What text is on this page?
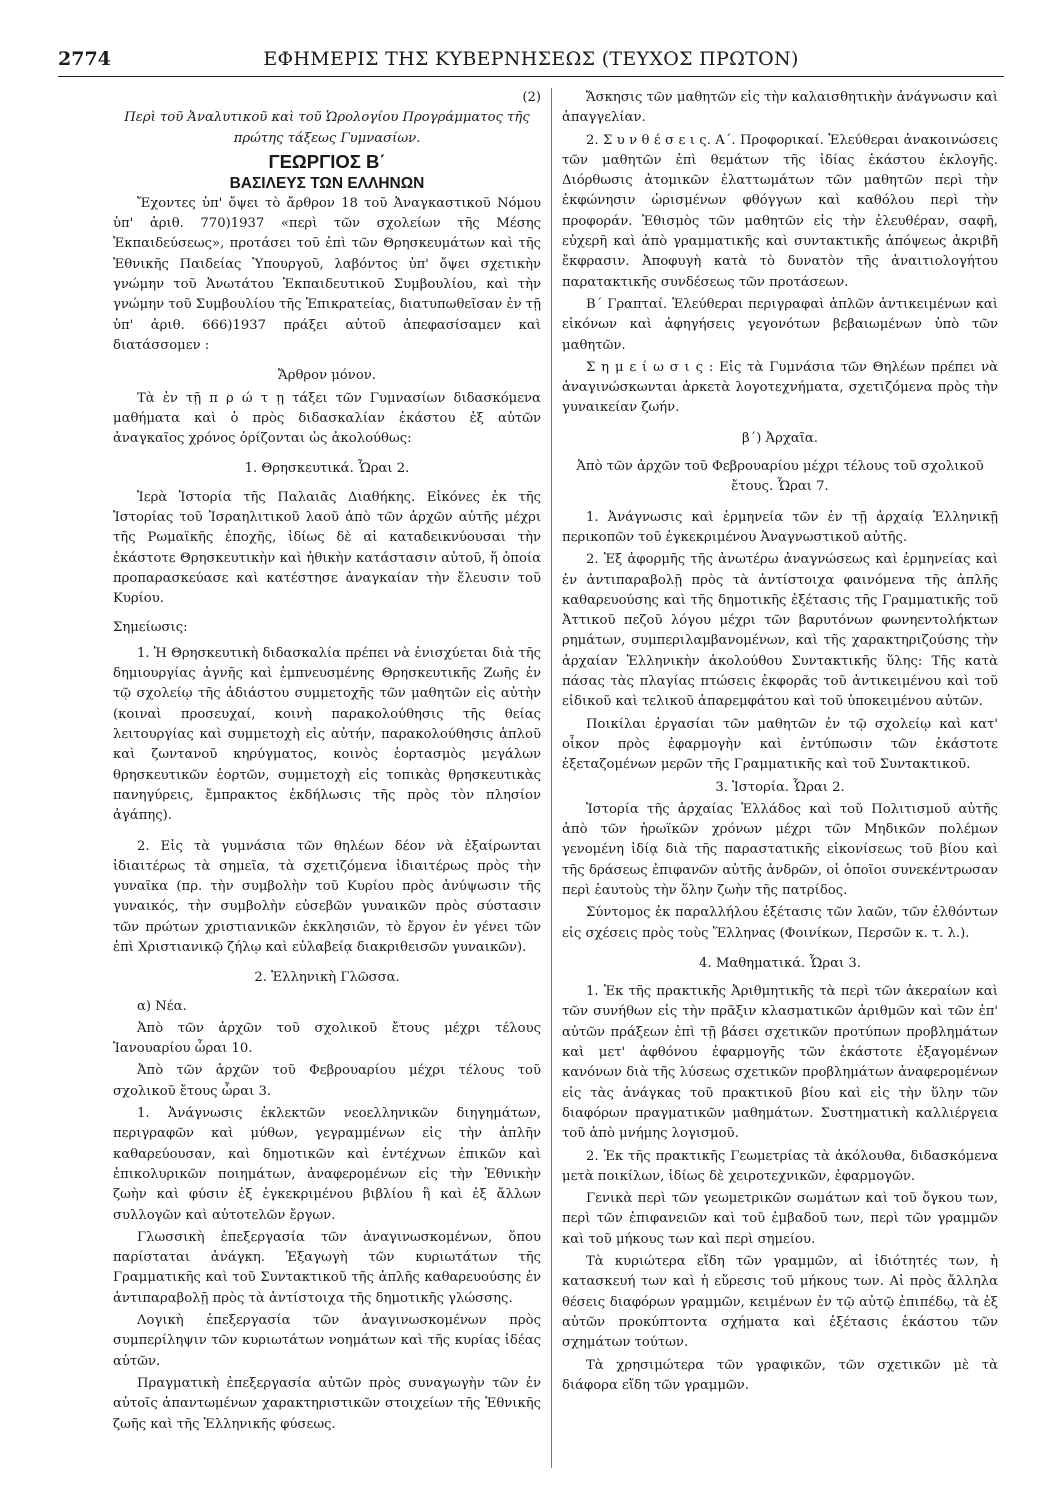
2774	ΕΦΗΜΕΡΙΣ ΤΗΣ ΚΥΒΕΡΝΗΣΕΩΣ (ΤΕΥΧΟΣ ΠΡΩΤΟΝ)

(2)

Περὶ τοῦ Ἀναλυτικοῦ καὶ τοῦ Ὡρολογίου Προγράμματος τῆς πρώτης τάξεως Γυμνασίων.

ΓΕΩΡΓΙΟΣ Β΄

ΒΑΣΙΛΕΥΣ ΤΩΝ ΕΛΛΗΝΩΝ

Ἔχοντες ὑπ' ὄψει τὸ ἄρθρον 18 τοῦ Ἀναγκαστικοῦ Νόμου ὑπ' ἀριθ. 770)1937 «περὶ τῶν σχολείων τῆς Μέσης Ἐκπαιδεύσεως», προτάσει τοῦ ἐπὶ τῶν Θρησκευμάτων καὶ τῆς Ἐθνικῆς Παιδείας Ὑπουργοῦ, λαβόντος ὑπ' ὄψει σχετικὴν γνώμην τοῦ Ἀνωτάτου Ἐκπαιδευτικοῦ Συμβουλίου, καὶ τὴν γνώμην τοῦ Συμβουλίου τῆς Ἐπικρατείας, διατυπωθεῖσαν ἐν τῇ ὑπ' ἀριθ. 666)1937 πράξει αὐτοῦ ἀπεφασίσαμεν καὶ διατάσσομεν :

Ἄρθρον μόνον.

Τὰ ἐν τῇ π ρ ώ τ ῃ τάξει τῶν Γυμνασίων διδασκόμενα μαθήματα καὶ ὁ πρὸς διδασκαλίαν ἑκάστου ἐξ αὐτῶν ἀναγκαῖος χρόνος ὁρίζονται ὡς ἀκολούθως:

1. Θρησκευτικά. Ὧραι 2.

Ἱερὰ Ἱστορία τῆς Παλαιᾶς Διαθήκης. Εἰκόνες ἐκ τῆς Ἱστορίας τοῦ Ἰσραηλιτικοῦ λαοῦ ἀπὸ τῶν ἀρχῶν αὐτῆς μέχρι τῆς Ρωμαϊκῆς ἐποχῆς, ἰδίως δὲ αἱ καταδεικνύουσαι τὴν ἑκάστοτε Θρησκευτικὴν καὶ ἠθικὴν κατάστασιν αὐτοῦ, ἥ ὁποία προπαρασκεύασε καὶ κατέστησε ἀναγκαίαν τὴν ἔλευσιν τοῦ Κυρίου.

Σημείωσις:

1. Ἡ Θρησκευτικὴ διδασκαλία πρέπει νὰ ἐνισχύεται διὰ τῆς δημιουργίας ἁγνῆς καὶ ἐμπνευσμένης Θρησκευτικῆς Ζωῆς ἐν τῷ σχολείῳ τῆς ἀδιάστου συμμετοχῆς τῶν μαθητῶν εἰς αὐτὴν (κοιναὶ προσευχαί, κοινὴ παρακολούθησις τῆς θείας λειτουργίας καὶ συμμετοχὴ εἰς αὐτήν, παρακολούθησις ἁπλοῦ καὶ ζωντανοῦ κηρύγματος, κοινὸς ἑορτασμὸς μεγάλων θρησκευτικῶν ἑορτῶν, συμμετοχὴ εἰς τοπικὰς θρησκευτικὰς πανηγύρεις, ἔμπρακτος ἐκδήλωσις τῆς πρὸς τὸν πλησίον ἀγάπης).

2. Εἰς τὰ γυμνάσια τῶν θηλέων δέον νὰ ἐξαίρωνται ἰδιαιτέρως τὰ σημεῖα, τὰ σχετιζόμενα ἰδιαιτέρως πρὸς τὴν γυναῖκα (πρ. τὴν συμβολὴν τοῦ Κυρίου πρὸς ἀνύψωσιν τῆς γυναικός, τὴν συμβολὴν εὐσεβῶν γυναικῶν πρὸς σύστασιν τῶν πρώτων χριστιανικῶν ἐκκλησιῶν, τὸ ἔργον ἐν γένει τῶν ἐπὶ Χριστιανικῷ ζήλῳ καὶ εὐλαβείᾳ διακριθεισῶν γυναικῶν).

2. Ἑλληνικὴ Γλῶσσα.

α) Νέα.

Ἀπὸ τῶν ἀρχῶν τοῦ σχολικοῦ ἔτους μέχρι τέλους Ἰανουαρίου ὧραι 10.

Ἀπὸ τῶν ἀρχῶν τοῦ Φεβρουαρίου μέχρι τέλους τοῦ σχολικοῦ ἔτους ὧραι 3.

1. Ἀνάγνωσις ἐκλεκτῶν νεοελληνικῶν διηγημάτων, περιγραφῶν καὶ μύθων, γεγραμμένων εἰς τὴν ἁπλῆν καθαρεύουσαν, καὶ δημοτικῶν καὶ ἐντέχνων ἐπικῶν καὶ ἐπικολυρικῶν ποιημάτων, ἀναφερομένων εἰς τὴν Ἐθνικὴν ζωὴν καὶ φύσιν ἐξ ἐγκεκριμένου βιβλίου ἢ καὶ ἐξ ἄλλων συλλογῶν καὶ αὐτοτελῶν ἔργων.

Γλωσσικὴ ἐπεξεργασία τῶν ἀναγινωσκομένων, ὅπου παρίσταται ἀνάγκη. Ἐξαγωγὴ τῶν κυριωτάτων τῆς Γραμματικῆς καὶ τοῦ Συντακτικοῦ τῆς ἁπλῆς καθαρευούσης ἐν ἀντιπαραβολῇ πρὸς τὰ ἀντίστοιχα τῆς δημοτικῆς γλώσσης.

Λογικὴ ἐπεξεργασία τῶν ἀναγινωσκομένων πρὸς συμπερίληψιν τῶν κυριωτάτων νοημάτων καὶ τῆς κυρίας ἰδέας αὐτῶν.

Πραγματικὴ ἐπεξεργασία αὐτῶν πρὸς συναγωγὴν τῶν ἐν αὐτοῖς ἀπαντωμένων χαρακτηριστικῶν στοιχείων τῆς Ἐθνικῆς ζωῆς καὶ τῆς Ἑλληνικῆς φύσεως.

Ἄσκησις τῶν μαθητῶν εἰς τὴν καλαισθητικὴν ἀνάγνωσιν καὶ ἀπαγγελίαν.

2. Σ υ ν θ έ σ ε ι ς. Α΄. Προφορικαί. Ἐλεύθεραι ἀνακοινώσεις τῶν μαθητῶν ἐπὶ θεμάτων τῆς ἰδίας ἑκάστου ἐκλογῆς. Διόρθωσις ἀτομικῶν ἐλαττωμάτων τῶν μαθητῶν περὶ τὴν ἐκφώνησιν ὡρισμένων φθόγγων καὶ καθόλου περὶ τὴν προφοράν. Ἐθισμὸς τῶν μαθητῶν εἰς τὴν ἐλευθέραν, σαφῆ, εὐχερῆ καὶ ἀπὸ γραμματικῆς καὶ συντακτικῆς ἀπόψεως ἀκριβῆ ἔκφρασιν. Ἀποφυγὴ κατὰ τὸ δυνατὸν τῆς ἀναιτιολογήτου παρατακτικῆς συνδέσεως τῶν προτάσεων.

Β΄ Γραπταί. Ἐλεύθεραι περιγραφαὶ ἁπλῶν ἀντικειμένων καὶ εἰκόνων καὶ ἀφηγήσεις γεγονότων βεβαιωμένων ὑπὸ τῶν μαθητῶν.

Σ η μ ε ί ω σ ι ς : Εἰς τὰ Γυμνάσια τῶν Θηλέων πρέπει νὰ ἀναγινώσκωνται ἀρκετὰ λογοτεχνήματα, σχετιζόμενα πρὸς τὴν γυναικείαν ζωήν.

β΄) Ἀρχαῖα.

Ἀπὸ τῶν ἀρχῶν τοῦ Φεβρουαρίου μέχρι τέλους τοῦ σχολικοῦ ἔτους. Ὧραι 7.

1. Ἀνάγνωσις καὶ ἑρμηνεία τῶν ἐν τῇ ἀρχαίᾳ Ἑλληνικῇ περικοπῶν τοῦ ἐγκεκριμένου Ἀναγνωστικοῦ αὐτῆς.

2. Ἐξ ἀφορμῆς τῆς ἀνωτέρω ἀναγνώσεως καὶ ἑρμηνείας καὶ ἐν ἀντιπαραβολῇ πρὸς τὰ ἀντίστοιχα φαινόμενα τῆς ἁπλῆς καθαρευούσης καὶ τῆς δημοτικῆς ἐξέτασις τῆς Γραμματικῆς τοῦ Ἀττικοῦ πεζοῦ λόγου μέχρι τῶν βαρυτόνων φωνηεντολήκτων ρημάτων, συμπεριλαμβανομένων, καὶ τῆς χαρακτηριζούσης τὴν ἀρχαίαν Ἑλληνικὴν ἀκολούθου Συντακτικῆς ὕλης: Τῆς κατὰ πάσας τὰς πλαγίας πτώσεις ἐκφορᾶς τοῦ ἀντικειμένου καὶ τοῦ εἰδικοῦ καὶ τελικοῦ ἀπαρεμφάτου καὶ τοῦ ὑποκειμένου αὐτῶν.

Ποικίλαι ἐργασίαι τῶν μαθητῶν ἐν τῷ σχολείῳ καὶ κατ' οἶκον πρὸς ἐφαρμογὴν καὶ ἐντύπωσιν τῶν ἑκάστοτε ἐξεταζομένων μερῶν τῆς Γραμματικῆς καὶ τοῦ Συντακτικοῦ.

3. Ἱστορία. Ὧραι 2.

Ἱστορία τῆς ἀρχαίας Ἑλλάδος καὶ τοῦ Πολιτισμοῦ αὐτῆς ἀπὸ τῶν ἡρωϊκῶν χρόνων μέχρι τῶν Μηδικῶν πολέμων γενομένη ἰδίᾳ διὰ τῆς παραστατικῆς εἰκονίσεως τοῦ βίου καὶ τῆς δράσεως ἐπιφανῶν αὐτῆς ἀνδρῶν, οἱ ὁποῖοι συνεκέντρωσαν περὶ ἑαυτοὺς τὴν ὅλην ζωὴν τῆς πατρίδος.

Σύντομος ἐκ παραλλήλου ἐξέτασις τῶν λαῶν, τῶν ἐλθόντων εἰς σχέσεις πρὸς τοὺς Ἕλληνας (Φοινίκων, Περσῶν κ. τ. λ.).

4. Μαθηματικά. Ὧραι 3.

1. Ἐκ τῆς πρακτικῆς Ἀριθμητικῆς τὰ περὶ τῶν ἀκεραίων καὶ τῶν συνήθων εἰς τὴν πρᾶξιν κλασματικῶν ἀριθμῶν καὶ τῶν ἐπ' αὐτῶν πράξεων ἐπὶ τῇ βάσει σχετικῶν προτύπων προβλημάτων καὶ μετ' ἀφθόνου ἐφαρμογῆς τῶν ἑκάστοτε ἐξαγομένων κανόνων διὰ τῆς λύσεως σχετικῶν προβλημάτων ἀναφερομένων εἰς τὰς ἀνάγκας τοῦ πρακτικοῦ βίου καὶ εἰς τὴν ὕλην τῶν διαφόρων πραγματικῶν μαθημάτων. Συστηματικὴ καλλιέργεια τοῦ ἀπὸ μνήμης λογισμοῦ.

2. Ἐκ τῆς πρακτικῆς Γεωμετρίας τὰ ἀκόλουθα, διδασκόμενα μετὰ ποικίλων, ἰδίως δὲ χειροτεχνικῶν, ἐφαρμογῶν.

Γενικὰ περὶ τῶν γεωμετρικῶν σωμάτων καὶ τοῦ ὄγκου των, περὶ τῶν ἐπιφανειῶν καὶ τοῦ ἐμβαδοῦ των, περὶ τῶν γραμμῶν καὶ τοῦ μήκους των καὶ περὶ σημείου.

Τὰ κυριώτερα εἴδη τῶν γραμμῶν, αἱ ἰδιότητές των, ἡ κατασκευή των καὶ ἡ εὕρεσις τοῦ μήκους των. Αἱ πρὸς ἄλληλα θέσεις διαφόρων γραμμῶν, κειμένων ἐν τῷ αὐτῷ ἐπιπέδῳ, τὰ ἐξ αὐτῶν προκύπτοντα σχήματα καὶ ἐξέτασις ἑκάστου τῶν σχημάτων τούτων.

Τὰ χρησιμώτερα τῶν γραφικῶν, τῶν σχετικῶν μὲ τὰ διάφορα εἴδη τῶν γραμμῶν.
